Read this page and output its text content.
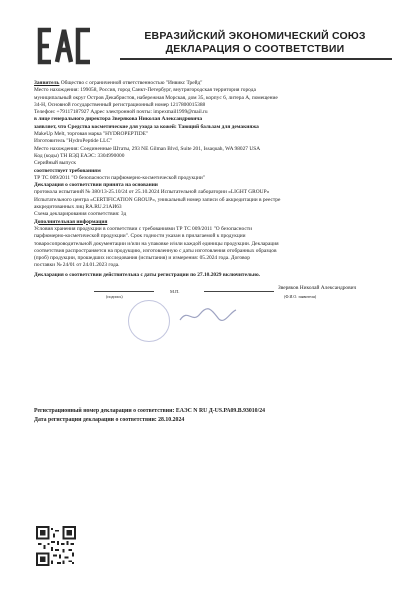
ЕВРАЗИЙСКИЙ ЭКОНОМИЧЕСКИЙ СОЮЗ
ДЕКЛАРАЦИЯ О СООТВЕТСТВИИ

Заявитель Общество с ограниченной ответственностью "Инвикс Трейд"

Место нахождения: 199058, Россия, город Санкт-Петербург, внутригородская территория города

муниципальный округ Остров Декабристов, набережная Морская, дом 35, корпус 6, литера А, помещение

34-Н, Основной государственный регистрационный номер 1217800015388

Телефон: +79117187927 Адрес электронной почты: impexmail1999@mail.ru

в лице генерального директора Зверякова Николая Александровича

заявляет, что Средства косметические для ухода за кожей: Тающий бальзам для демакияжа

MakeUp Melt, торговая марка "HYDROPEPTIDE"

Изготовитель "HydroPeptide LLC"

Место нахождения: Соединенные Штаты, 293 NE Gilman Blvd, Suite 201, Issaquah, WA 98027 USA

Код (коды) ТН ВЭД ЕАЭС: 3304990000

Серийный выпуск

соответствует требованиям

ТР ТС 009/2011 "О безопасности парфюмерно-косметической продукции"

Декларация о соответствии принята на основании

протокола испытаний № 380/13-25.10/24 от 25.10.2024 Испытательной лаборатории «LIGHT GROUP»

Испытательного центра «CERTIFICATION GROUP», уникальный номер записи об аккредитации в реестре

аккредитованных лиц RA.RU.21АИ63

Схема декларирования соответствия: 3д

Дополнительная информация

Условия хранения продукции в соответствии с требованиями ТР ТС 009/2011 "О безопасности

парфюмерно-косметической продукции". Срок годности указан в прилагаемой к продукции

товаросопроводительной документации и/или на упаковке и/или каждой единицы продукции. Декларация

соответствия распространяется на продукцию, изготовленную с даты изготовления отобранных образцов

(проб) продукции, прошедших исследования (испытания) и измерения: 05.2024 года. Договор

поставки № 24/01 от 24.01.2023 года.

Декларация о соответствии действительна с даты регистрации по 27.10.2029 включительно.

(подпись)
М.П.
Зверяков Николай Александрович
(Ф.И.О. заявителя)
Регистрационный номер декларации о соответствии: ЕАЭС N RU Д-US.РА09.В.93010/24
Дата регистрации декларации о соответствии: 28.10.2024
